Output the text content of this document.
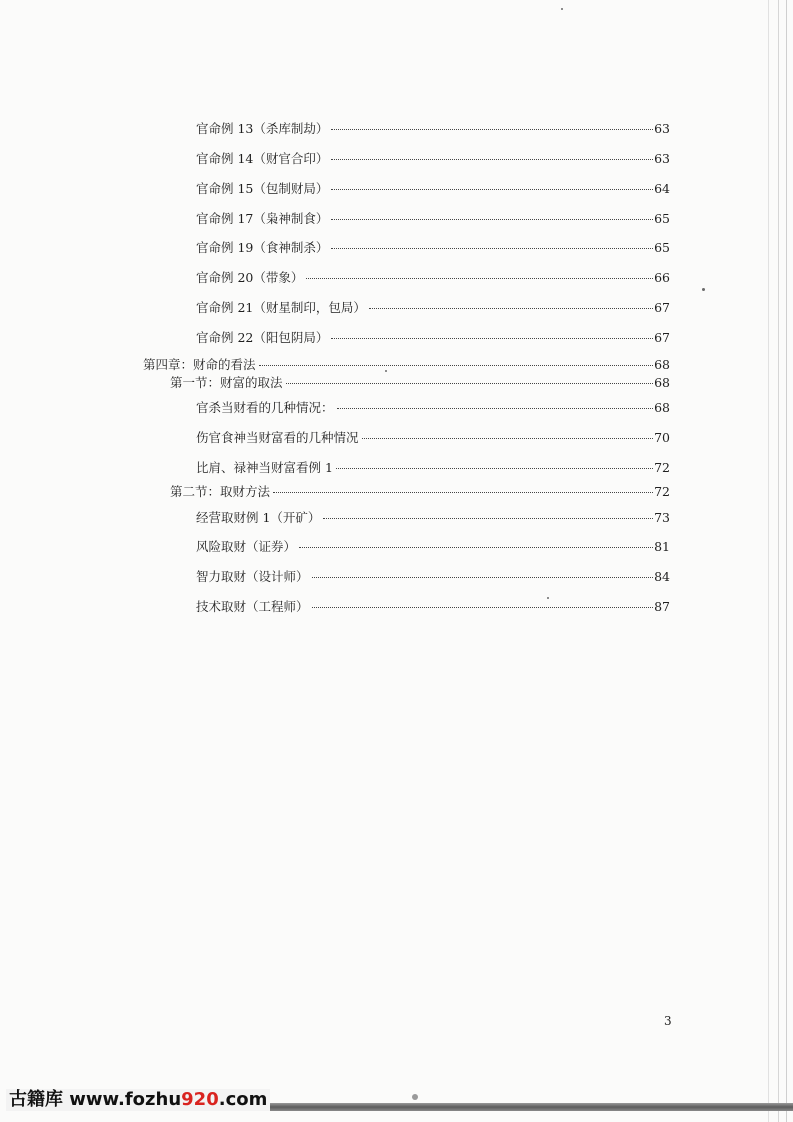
官命例 13（杀库制劫）	63
官命例 14（财官合印）	63
官命例 15（包制财局）	64
官命例 17（枭神制食）	65
官命例 19（食神制杀）	65
官命例 20（带象）	66
官命例 21（财星制印，包局）	67
官命例 22（阳包阴局）	67
第四章：财命的看法	68
第一节：财富的取法	68
官杀当财看的几种情况：	68
伤官食神当财富看的几种情况	70
比肩、禄神当财富看例 1	72
第二节：取财方法	72
经营取财例 1（开矿）	73
风险取财（证券）	81
智力取财（设计师）	84
技术取财（工程师）	87
3
古籍库 www.fozhu920.com
